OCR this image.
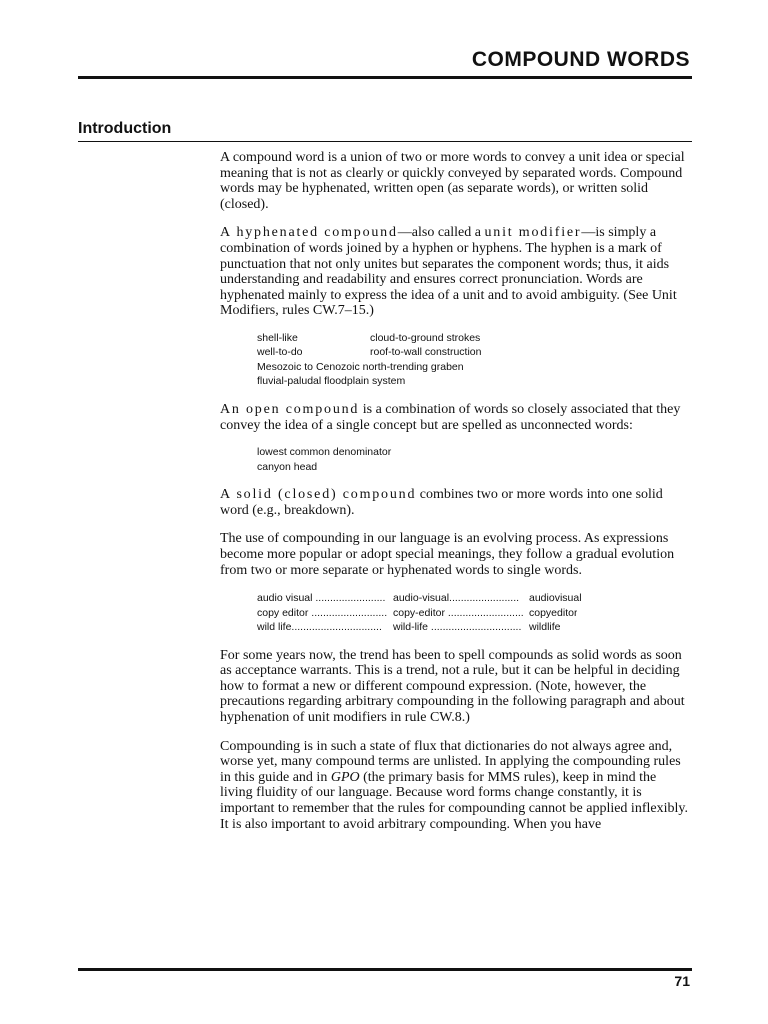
COMPOUND WORDS
Introduction

A compound word is a union of two or more words to convey a unit idea or special meaning that is not as clearly or quickly conveyed by separated words. Compound words may be hyphenated, written open (as separate words), or written solid (closed).

A hyphenated compound—also called a unit modifier—is simply a combination of words joined by a hyphen or hyphens. The hyphen is a mark of punctuation that not only unites but separates the component words; thus, it aids understanding and readability and ensures correct pronunciation. Words are hyphenated mainly to express the idea of a unit and to avoid ambiguity. (See Unit Modifiers, rules CW.7–15.)

shell-like	cloud-to-ground strokes
well-to-do	roof-to-wall construction
Mesozoic to Cenozoic north-trending graben
fluvial-paludal floodplain system

An open compound is a combination of words so closely associated that they convey the idea of a single concept but are spelled as unconnected words:

lowest common denominator
canyon head

A solid (closed) compound combines two or more words into one solid word (e.g., breakdown).

The use of compounding in our language is an evolving process. As expressions become more popular or adopt special meanings, they follow a gradual evolution from two or more separate or hyphenated words to single words.

audio visual ........................ audio-visual........................ audiovisual
copy editor .......................... copy-editor .......................... copyeditor
wild life...............................	wild-life ............................... wildlife

For some years now, the trend has been to spell compounds as solid words as soon as acceptance warrants. This is a trend, not a rule, but it can be helpful in deciding how to format a new or different compound expression. (Note, however, the precautions regarding arbitrary compounding in the following paragraph and about hyphenation of unit modifiers in rule CW.8.)

Compounding is in such a state of flux that dictionaries do not always agree and, worse yet, many compound terms are unlisted. In applying the compounding rules in this guide and in GPO (the primary basis for MMS rules), keep in mind the living fluidity of our language. Because word forms change constantly, it is important to remember that the rules for compounding cannot be applied inflexibly. It is also important to avoid arbitrary compounding. When you have

71
